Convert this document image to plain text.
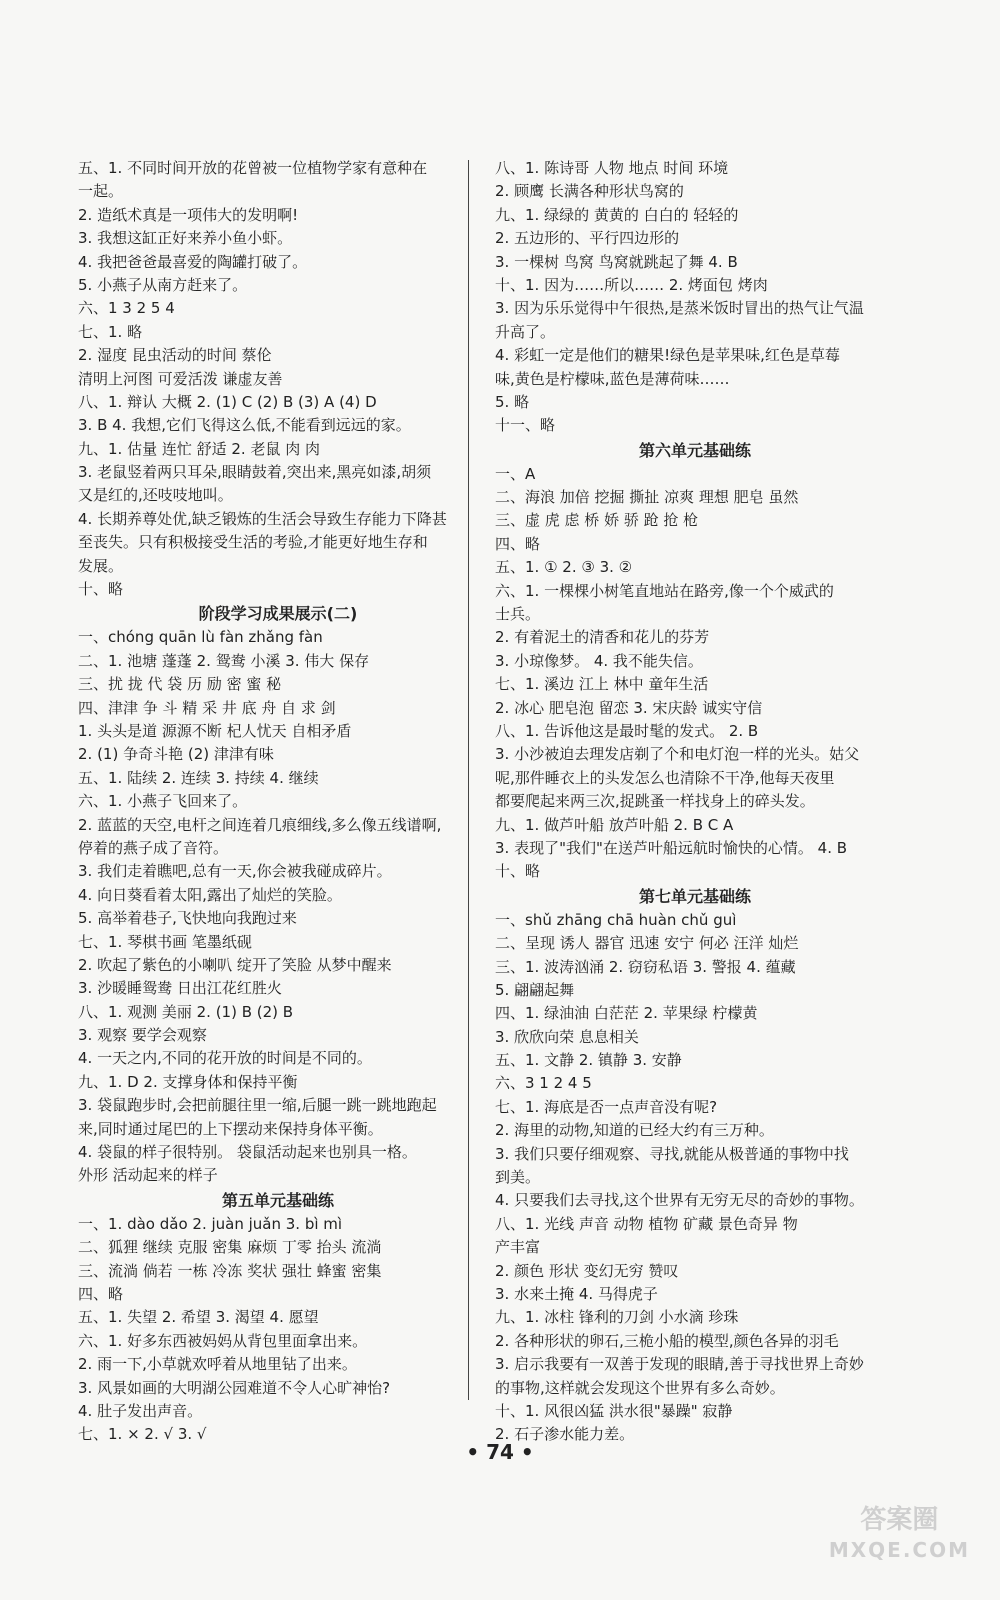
五、1. 不同时间开放的花曾被一位植物学家有意种在
一起。
2. 造纸术真是一项伟大的发明啊!
3. 我想这缸正好来养小鱼小虾。
4. 我把爸爸最喜爱的陶罐打破了。
5. 小燕子从南方赶来了。
六、1 3 2 5 4
七、1. 略
2. 湿度 昆虫活动的时间 蔡伦
清明上河图 可爱活泼 谦虚友善
八、1. 辩认 大概 2. (1) C (2) B (3) A (4) D
3. B 4. 我想,它们飞得这么低,不能看到远远的家。
九、1. 估量 连忙 舒适 2. 老鼠 肉 肉
3. 老鼠竖着两只耳朵,眼睛鼓着,突出来,黑亮如漆,胡须
又是红的,还吱吱地叫。
4. 长期养尊处优,缺乏锻炼的生活会导致生存能力下降甚
至丧失。只有积极接受生活的考验,才能更好地生存和
发展。
十、略
阶段学习成果展示(二)
一、chóng quān lù fàn zhǎng fàn
二、1. 池塘 蓬蓬 2. 鸳鸯 小溪 3. 伟大 保存
三、扰 拢 代 袋 历 励 密 蜜 秘
四、津津 争 斗 精 采 井 底 舟 自 求 剑
1. 头头是道 源源不断 杞人忧天 自相矛盾
2. (1) 争奇斗艳 (2) 津津有味
五、1. 陆续 2. 连续 3. 持续 4. 继续
六、1. 小燕子飞回来了。
2. 蓝蓝的天空,电杆之间连着几痕细线,多么像五线谱啊,
停着的燕子成了音符。
3. 我们走着瞧吧,总有一天,你会被我碰成碎片。
4. 向日葵看着太阳,露出了灿烂的笑脸。
5. 高举着巷子,飞快地向我跑过来
七、1. 琴棋书画 笔墨纸砚
2. 吹起了紫色的小喇叭 绽开了笑脸 从梦中醒来
3. 沙暖睡鸳鸯 日出江花红胜火
八、1. 观测 美丽 2. (1) B (2) B
3. 观察 要学会观察
4. 一天之内,不同的花开放的时间是不同的。
九、1. D 2. 支撑身体和保持平衡
3. 袋鼠跑步时,会把前腿往里一缩,后腿一跳一跳地跑起
来,同时通过尾巴的上下摆动来保持身体平衡。
4. 袋鼠的样子很特别。 袋鼠活动起来也别具一格。
外形 活动起来的样子
第五单元基础练
一、1. dào dǎo 2. juàn juǎn 3. bì mì
二、狐狸 继续 克服 密集 麻烦 丁零 抬头 流淌
三、流淌 倘若 一栋 冷冻 奖状 强壮 蜂蜜 密集
四、略
五、1. 失望 2. 希望 3. 渴望 4. 愿望
六、1. 好多东西被妈妈从背包里面拿出来。
2. 雨一下,小草就欢呼着从地里钻了出来。
3. 风景如画的大明湖公园难道不令人心旷神怡?
4. 肚子发出声音。
七、1. × 2. √ 3. √
八、1. 陈诗哥 人物 地点 时间 环境
2. 顾鹰 长满各种形状鸟窝的
九、1. 绿绿的 黄黄的 白白的 轻轻的
2. 五边形的、平行四边形的
3. 一棵树 鸟窝 鸟窝就跳起了舞 4. B
十、1. 因为……所以…… 2. 烤面包 烤肉
3. 因为乐乐觉得中午很热,是蒸米饭时冒出的热气让气温
升高了。
4. 彩虹一定是他们的糖果!绿色是苹果味,红色是草莓
味,黄色是柠檬味,蓝色是薄荷味……
5. 略
十一、略
第六单元基础练
一、A
二、海浪 加倍 挖掘 撕扯 凉爽 理想 肥皂 虽然
三、虚 虎 虑 桥 娇 骄 跄 抢 枪
四、略
五、1. ① 2. ③ 3. ②
六、1. 一棵棵小树笔直地站在路旁,像一个个威武的
士兵。
2. 有着泥土的清香和花儿的芬芳
3. 小琼像梦。 4. 我不能失信。
七、1. 溪边 江上 林中 童年生活
2. 冰心 肥皂泡 留恋 3. 宋庆龄 诚实守信
八、1. 告诉他这是最时髦的发式。 2. B
3. 小沙被迫去理发店剃了个和电灯泡一样的光头。姑父
呢,那件睡衣上的头发怎么也清除不干净,他每天夜里
都要爬起来两三次,捉跳蚤一样找身上的碎头发。
九、1. 做芦叶船 放芦叶船 2. B C A
3. 表现了"我们"在送芦叶船远航时愉快的心情。 4. B
十、略
第七单元基础练
一、shǔ zhāng chā huàn chǔ guì
二、呈现 诱人 器官 迅速 安宁 何必 汪洋 灿烂
三、1. 波涛汹涌 2. 窃窃私语 3. 警报 4. 蕴藏
5. 翩翩起舞
四、1. 绿油油 白茫茫 2. 苹果绿 柠檬黄
3. 欣欣向荣 息息相关
五、1. 文静 2. 镇静 3. 安静
六、3 1 2 4 5
七、1. 海底是否一点声音没有呢?
2. 海里的动物,知道的已经大约有三万种。
3. 我们只要仔细观察、寻找,就能从极普通的事物中找
到美。
4. 只要我们去寻找,这个世界有无穷无尽的奇妙的事物。
八、1. 光线 声音 动物 植物 矿藏 景色奇异 物
产丰富
2. 颜色 形状 变幻无穷 赞叹
3. 水来土掩 4. 马得虎子
九、1. 冰柱 锋利的刀剑 小水滴 珍珠
2. 各种形状的卵石,三桅小船的模型,颜色各异的羽毛
3. 启示我要有一双善于发现的眼睛,善于寻找世界上奇妙
的事物,这样就会发现这个世界有多么奇妙。
十、1. 风很凶猛 洪水很"暴躁" 寂静
2. 石子渗水能力差。
• 74 •
答案圈
MXQE.COM
